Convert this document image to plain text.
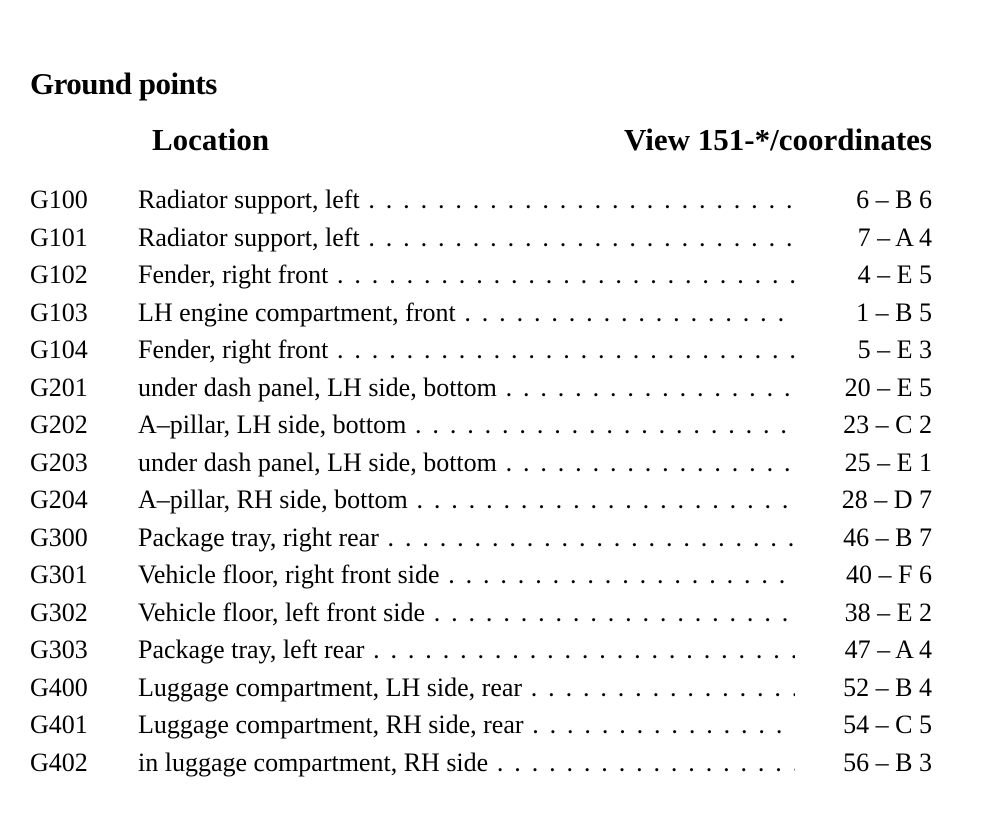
Ground points
Location	View 151-*/coordinates
G100 Radiator support, left . . .	6 – B 6
G101 Radiator support, left . . .	7 – A 4
G102 Fender, right front . . .	4 – E 5
G103 LH engine compartment, front . . .	1 – B 5
G104 Fender, right front . . .	5 – E 3
G201 under dash panel, LH side, bottom . . .	20 – E 5
G202 A–pillar, LH side, bottom . . .	23 – C 2
G203 under dash panel, LH side, bottom . . .	25 – E 1
G204 A–pillar, RH side, bottom . . .	28 – D 7
G300 Package tray, right rear . . .	46 – B 7
G301 Vehicle floor, right front side . . .	40 – F 6
G302 Vehicle floor, left front side . . .	38 – E 2
G303 Package tray, left rear . . .	47 – A 4
G400 Luggage compartment, LH side, rear . . .	52 – B 4
G401 Luggage compartment, RH side, rear . . .	54 – C 5
G402 in luggage compartment, RH side . . .	56 – B 3
